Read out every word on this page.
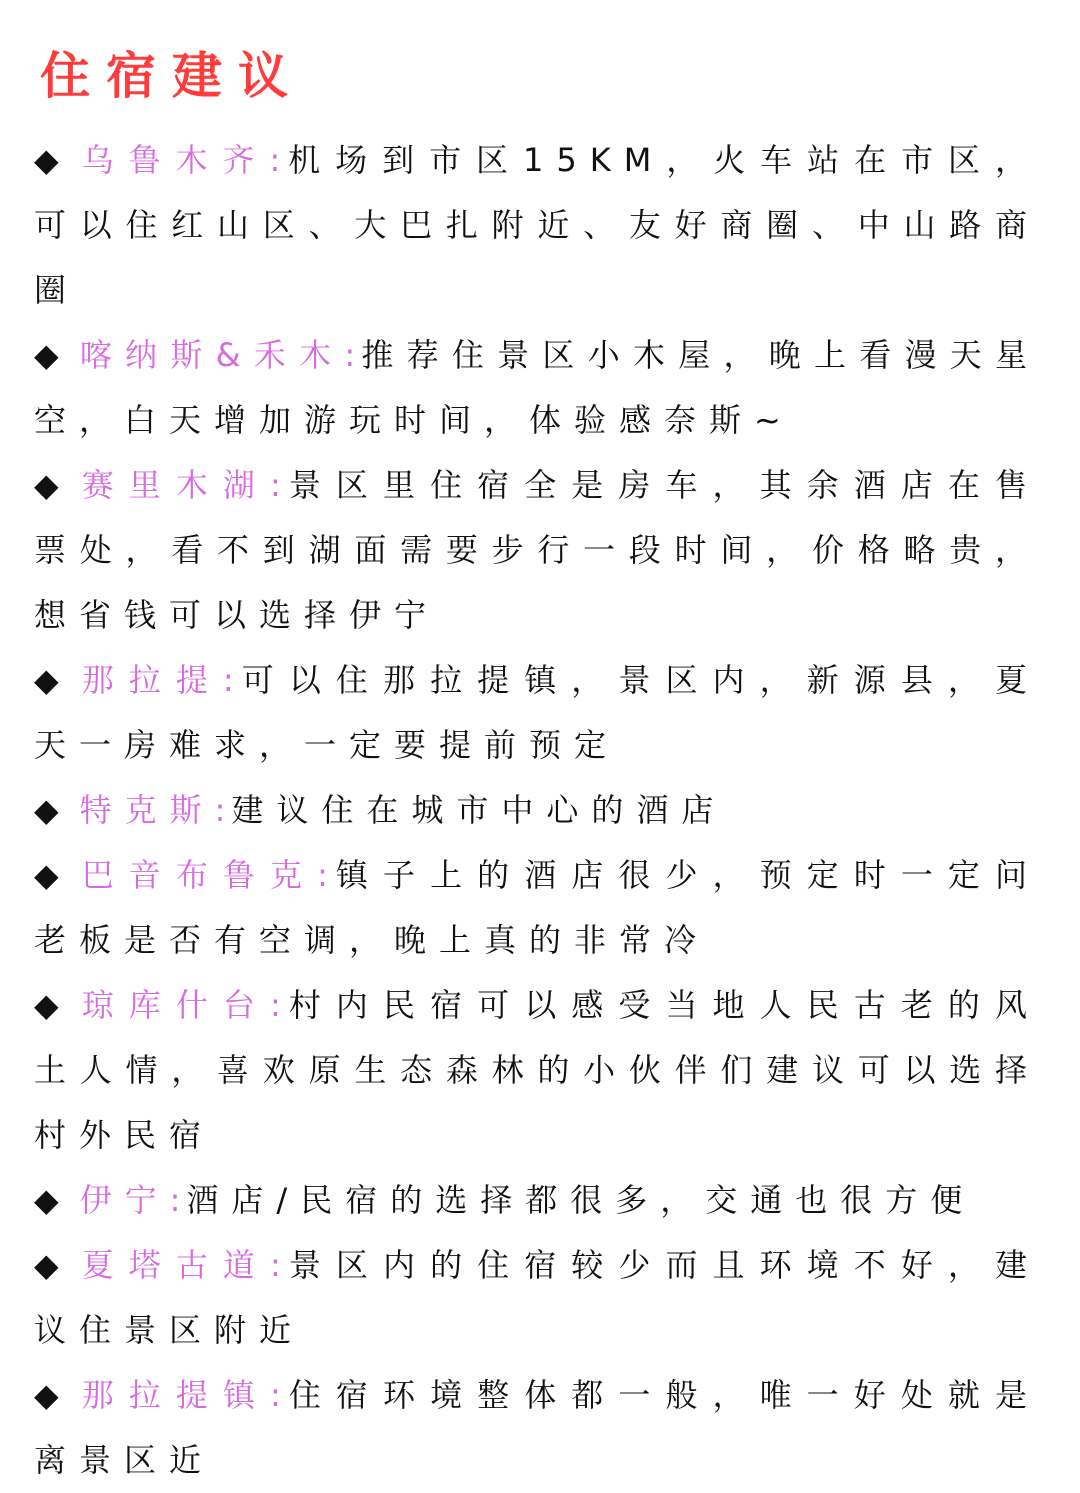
住宿建议

◆ 乌鲁木齐:机场到市区15KM，火车站在市区，可以住红山区、大巴扎附近、友好商圈、中山路商圈

◆ 喀纳斯&禾木:推荐住景区小木屋，晚上看漫天星空，白天增加游玩时间，体验感奈斯~

◆ 赛里木湖:景区里住宿全是房车，其余酒店在售票处，看不到湖面需要步行一段时间，价格略贵，想省钱可以选择伊宁

◆ 那拉提:可以住那拉提镇，景区内，新源县，夏天一房难求，一定要提前预定

◆ 特克斯:建议住在城市中心的酒店

◆ 巴音布鲁克:镇子上的酒店很少，预定时一定问老板是否有空调，晚上真的非常冷

◆ 琼库什台:村内民宿可以感受当地人民古老的风土人情，喜欢原生态森林的小伙伴们建议可以选择村外民宿

◆ 伊宁:酒店/民宿的选择都很多，交通也很方便

◆ 夏塔古道:景区内的住宿较少而且环境不好，建议住景区附近

◆ 那拉提镇:住宿环境整体都一般，唯一好处就是离景区近
